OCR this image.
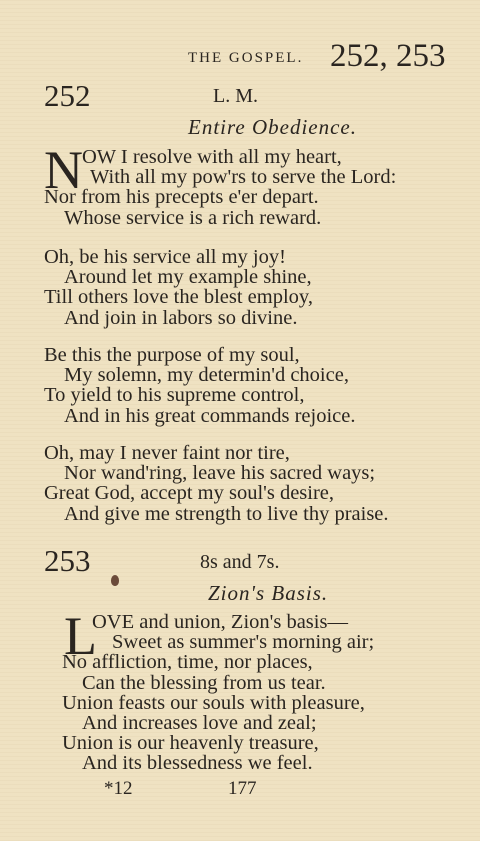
THE GOSPEL. 252, 253
252	L. M.
Entire Obedience.
N OW I resolve with all my heart,
With all my pow'rs to serve the Lord:
Nor from his precepts e'er depart.
Whose service is a rich reward.
Oh, be his service all my joy!
Around let my example shine,
Till others love the blest employ,
And join in labors so divine.
Be this the purpose of my soul,
My solemn, my determin'd choice,
To yield to his supreme control,
And in his great commands rejoice.
Oh, may I never faint nor tire,
Nor wand'ring, leave his sacred ways;
Great God, accept my soul's desire,
And give me strength to live thy praise.
253	8s and 7s.
Zion's Basis.
L
OVE and union, Zion's basis—
Sweet as summer's morning air;
No affliction, time, nor places,
Can the blessing from us tear.
Union feasts our souls with pleasure,
And increases love and zeal;
Union is our heavenly treasure,
And its blessedness we feel.
*12	177
